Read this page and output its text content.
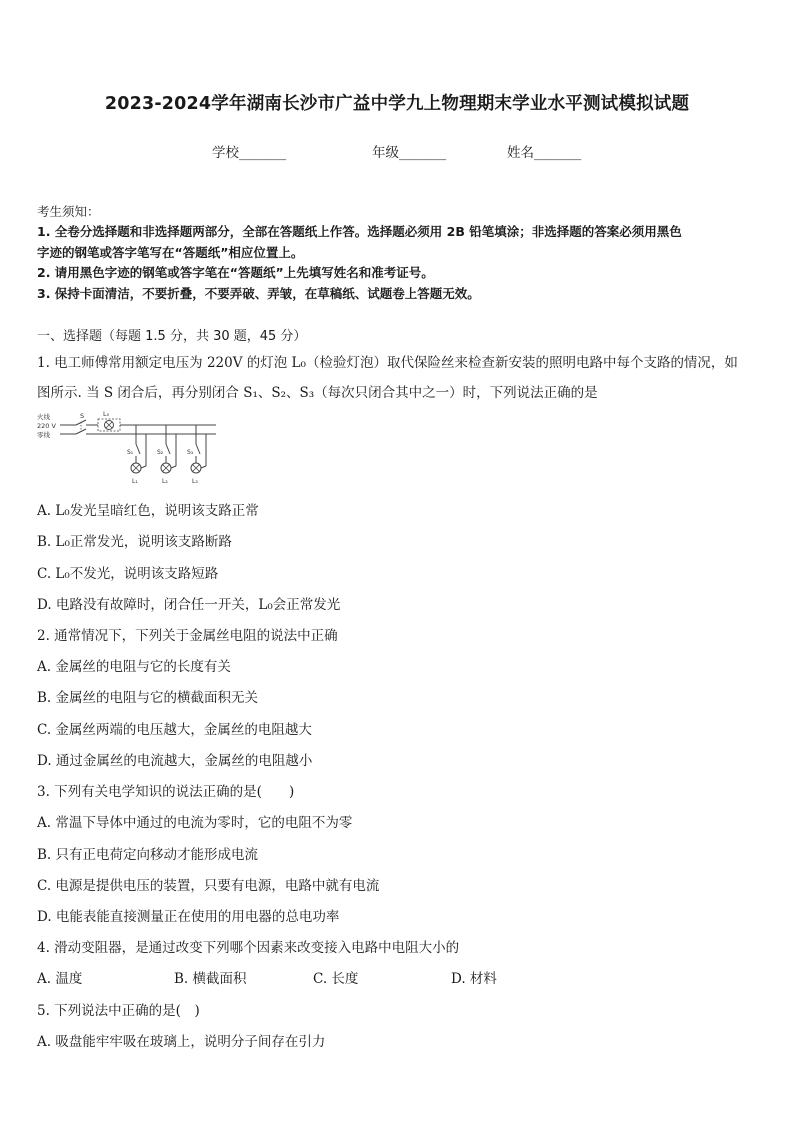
2023-2024学年湖南长沙市广益中学九上物理期末学业水平测试模拟试题
学校_______	年级_______	姓名_______
考生须知：
1. 全卷分选择题和非选择题两部分，全部在答题纸上作答。选择题必须用 2B 铅笔填涂；非选择题的答案必须用黑色
字迹的钢笔或答字笔写在“答题纸”相应位置上。
2. 请用黑色字迹的钢笔或答字笔在“答题纸”上先填写姓名和准考证号。
3. 保持卡面清洁，不要折叠，不要弄破、弄皱，在草稿纸、试题卷上答题无效。
一、选择题（每题 1.5 分，共 30 题，45 分）
1. 电工师傅常用额定电压为 220V 的灯泡 L₀（检验灯泡）取代保险丝来检查新安装的照明电路中每个支路的情况，如
图所示. 当 S 闭合后，再分别闭合 S₁、S₂、S₃（每次只闭合其中之一）时，下列说法正确的是
火线
220 V
零线
S	L₀
S₁
L₁
S₂
L₂
S₃
L₃
A. L₀发光呈暗红色，说明该支路正常
B. L₀正常发光，说明该支路断路
C. L₀不发光，说明该支路短路
D. 电路没有故障时，闭合任一开关，L₀会正常发光
2. 通常情况下，下列关于金属丝电阻的说法中正确
A. 金属丝的电阻与它的长度有关
B. 金属丝的电阻与它的横截面积无关
C. 金属丝两端的电压越大，金属丝的电阻越大
D. 通过金属丝的电流越大，金属丝的电阻越小
3. 下列有关电学知识的说法正确的是(　　)
A. 常温下导体中通过的电流为零时，它的电阻不为零
B. 只有正电荷定向移动才能形成电流
C. 电源是提供电压的装置，只要有电源，电路中就有电流
D. 电能表能直接测量正在使用的用电器的总电功率
4. 滑动变阻器，是通过改变下列哪个因素来改变接入电路中电阻大小的
A. 温度	B. 横截面积	C. 长度	D. 材料
5. 下列说法中正确的是(　)
A. 吸盘能牢牢吸在玻璃上，说明分子间存在引力
